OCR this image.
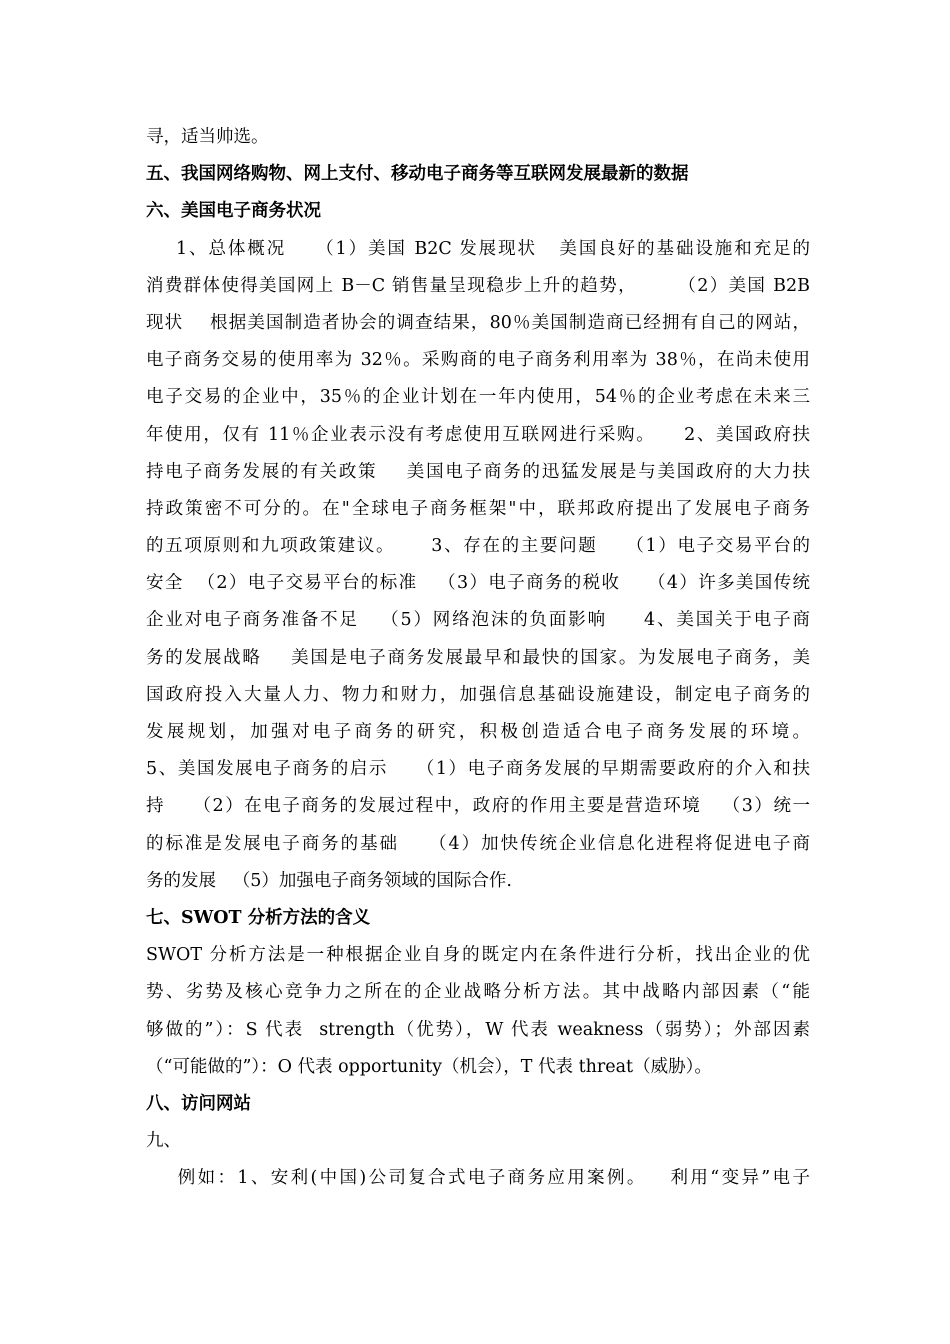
寻，适当帅选。
五、我国网络购物、网上支付、移动电子商务等互联网发展最新的数据
六、美国电子商务状况
1、总体概况    （1）美国 B2C 发展现状   美国良好的基础设施和充足的
消费群体使得美国网上 B－C 销售量呈现稳步上升的趋势，      （2）美国 B2B
现状    根据美国制造者协会的调查结果，80％美国制造商已经拥有自己的网站，
电子商务交易的使用率为 32％。采购商的电子商务利用率为 38％，在尚未使用
电子交易的企业中，35％的企业计划在一年内使用，54％的企业考虑在未来三
年使用，仅有 11％企业表示没有考虑使用互联网进行采购。    2、美国政府扶
持电子商务发展的有关政策    美国电子商务的迅猛发展是与美国政府的大力扶
持政策密不可分的。在"全球电子商务框架"中，联邦政府提出了发展电子商务
的五项原则和九项政策建议。     3、存在的主要问题    （1）电子交易平台的
安全  （2）电子交易平台的标准   （3）电子商务的税收    （4）许多美国传统
企业对电子商务准备不足   （5）网络泡沫的负面影响     4、美国关于电子商
务的发展战略    美国是电子商务发展最早和最快的国家。为发展电子商务，美
国政府投入大量人力、物力和财力，加强信息基础设施建设，制定电子商务的
发展规划，加强对电子商务的研究，积极创造适合电子商务发展的环境。
5、美国发展电子商务的启示    （1）电子商务发展的早期需要政府的介入和扶
持    （2）在电子商务的发展过程中，政府的作用主要是营造环境   （3）统一
的标准是发展电子商务的基础    （4）加快传统企业信息化进程将促进电子商
务的发展   （5）加强电子商务领域的国际合作.
七、SWOT 分析方法的含义
SWOT 分析方法是一种根据企业自身的既定内在条件进行分析，找出企业的优
势、劣势及核心竞争力之所在的企业战略分析方法。其中战略内部因素（“能
够做的”）：S 代表  strength（优势），W 代表 weakness（弱势）；外部因素
（“可能做的”）：O 代表 opportunity（机会），T 代表 threat（威胁）。
八、访问网站
九、
例如：1、安利(中国)公司复合式电子商务应用案例。   利用“变异”电子
